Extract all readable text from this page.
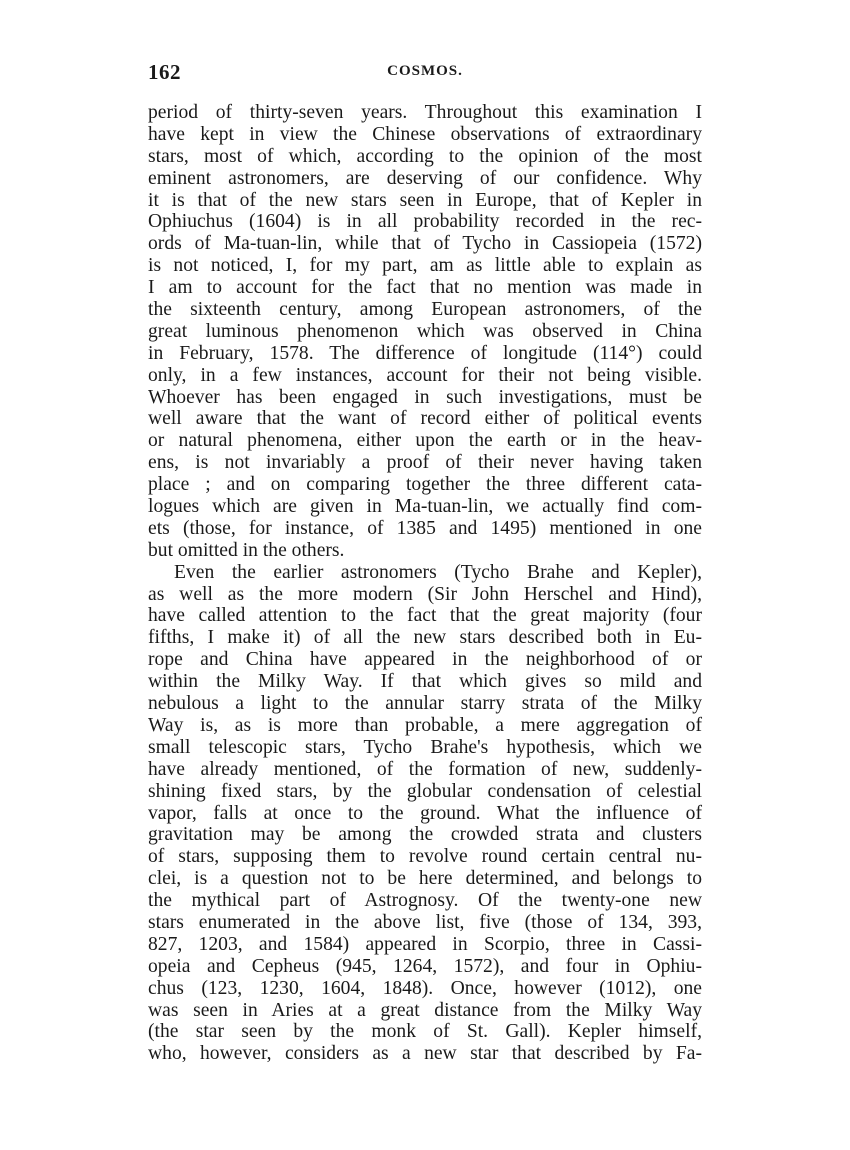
162	COSMOS.
period of thirty-seven years. Throughout this examination I
have kept in view the Chinese observations of extraordinary
stars, most of which, according to the opinion of the most
eminent astronomers, are deserving of our confidence. Why
it is that of the new stars seen in Europe, that of Kepler in
Ophiuchus (1604) is in all probability recorded in the rec-
ords of Ma-tuan-lin, while that of Tycho in Cassiopeia (1572)
is not noticed, I, for my part, am as little able to explain as
I am to account for the fact that no mention was made in
the sixteenth century, among European astronomers, of the
great luminous phenomenon which was observed in China
in February, 1578. The difference of longitude (114°) could
only, in a few instances, account for their not being visible.
Whoever has been engaged in such investigations, must be
well aware that the want of record either of political events
or natural phenomena, either upon the earth or in the heav-
ens, is not invariably a proof of their never having taken
place ; and on comparing together the three different cata-
logues which are given in Ma-tuan-lin, we actually find com-
ets (those, for instance, of 1385 and 1495) mentioned in one
but omitted in the others.
Even the earlier astronomers (Tycho Brahe and Kepler),
as well as the more modern (Sir John Herschel and Hind),
have called attention to the fact that the great majority (four
fifths, I make it) of all the new stars described both in Eu-
rope and China have appeared in the neighborhood of or
within the Milky Way. If that which gives so mild and
nebulous a light to the annular starry strata of the Milky
Way is, as is more than probable, a mere aggregation of
small telescopic stars, Tycho Brahe's hypothesis, which we
have already mentioned, of the formation of new, suddenly-
shining fixed stars, by the globular condensation of celestial
vapor, falls at once to the ground. What the influence of
gravitation may be among the crowded strata and clusters
of stars, supposing them to revolve round certain central nu-
clei, is a question not to be here determined, and belongs to
the mythical part of Astrognosy. Of the twenty-one new
stars enumerated in the above list, five (those of 134, 393,
827, 1203, and 1584) appeared in Scorpio, three in Cassi-
opeia and Cepheus (945, 1264, 1572), and four in Ophiu-
chus (123, 1230, 1604, 1848). Once, however (1012), one
was seen in Aries at a great distance from the Milky Way
(the star seen by the monk of St. Gall). Kepler himself,
who, however, considers as a new star that described by Fa-
